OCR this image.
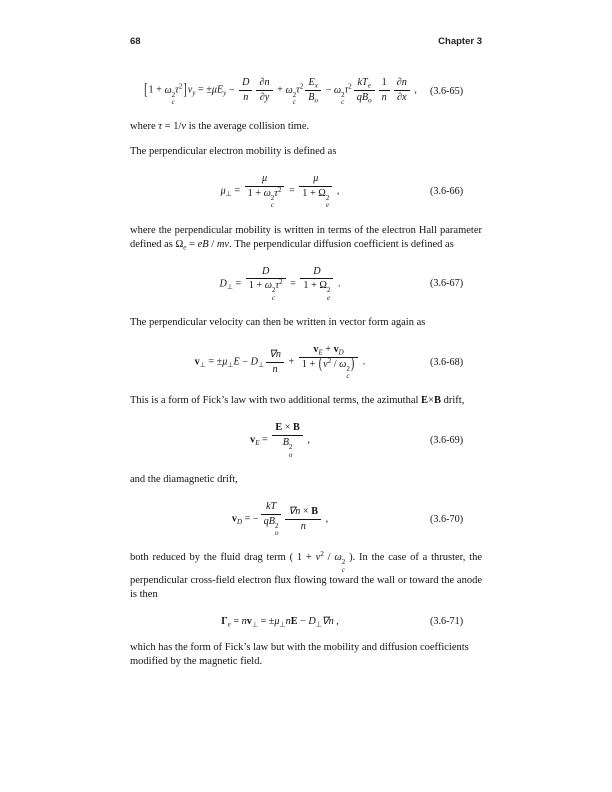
68	Chapter 3
[1 + ω 2
c
$\tau^2]v_y = \pm\mu E_y - \frac{D}{n} \frac{\partial n}{\partial y} + \omega$ 2
c
$\tau^2 \frac{E_x}{B_o} - \omega$ 2
c
$\tau^2 \frac{kT_e}{qB_o} \frac{1}{n} \frac{\partial n}{\partial x}$ ,	(3.6-65)

where τ = 1/ν is the average collision time.

The perpendicular electron mobility is defined as

$\mu_\perp = \mu$
1 + ω 2
c
$\tau^2 = \mu$
1 + Ω 2
e ,	(3.6-66)

where the perpendicular mobility is written in terms of the electron Hall parameter defined as $\Omega_e$ = eB / mν. The perpendicular diffusion coefficient is defined as

$D_\perp = D$
1 + ω 2
c
$\tau^2 = D$
1 + Ω 2
e .	(3.6-67)

The perpendicular velocity can then be written in vector form again as

$v_\perp = \pm\mu_\perp E - D_\perp \frac{\nabla n}{n} + v_E + v_D$
$1 + (\nu^2 / \omega$ 2
c
) .	(3.6-68)

This is a form of Fick’s law with two additional terms, the azimuthal E×B drift,

$v_E = E \times B$
B 2
o ,	(3.6-69)

and the diamagnetic drift,

$v_D$ = − kT
qB 2
o $\frac{\nabla n \times B}{n}$ ,	(3.6-70)

both reduced by the fluid drag term ( $1 + \nu^2 / \omega$ 2
c
). In the case of a thruster, the perpendicular cross-field electron flux flowing toward the wall or toward the anode is then

$\Gamma_e = nv_\perp = \pm\mu_\perp nE - D_\perp\nabla n$ ,	(3.6-71)

which has the form of Fick’s law but with the mobility and diffusion coefficients modified by the magnetic field.
